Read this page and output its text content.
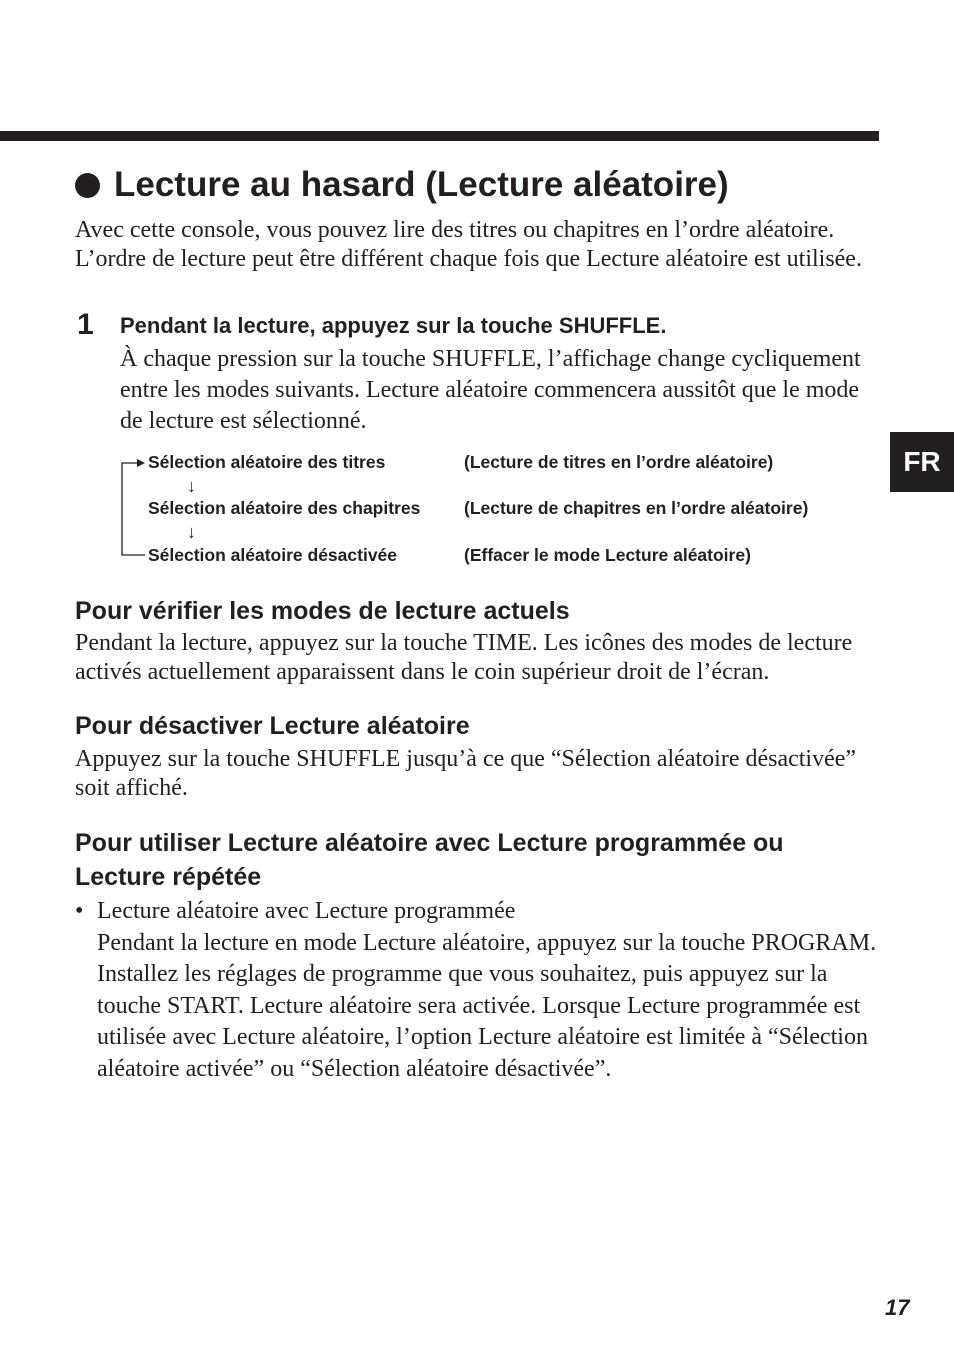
Lecture au hasard (Lecture aléatoire)
Avec cette console, vous pouvez lire des titres ou chapitres en l’ordre aléatoire. L’ordre de lecture peut être différent chaque fois que Lecture aléatoire est utilisée.
1 Pendant la lecture, appuyez sur la touche SHUFFLE.
À chaque pression sur la touche SHUFFLE, l’affichage change cycliquement entre les modes suivants. Lecture aléatoire commencera aussitôt que le mode de lecture est sélectionné.
Sélection aléatoire des titres	(Lecture de titres en l’ordre aléatoire)
↓
Sélection aléatoire des chapitres (Lecture de chapitres en l’ordre aléatoire)
↓
Sélection aléatoire désactivée	(Effacer le mode Lecture aléatoire)
Pour vérifier les modes de lecture actuels
Pendant la lecture, appuyez sur la touche TIME. Les icônes des modes de lecture activés actuellement apparaissent dans le coin supérieur droit de l’écran.
Pour désactiver Lecture aléatoire
Appuyez sur la touche SHUFFLE jusqu’à ce que “Sélection aléatoire désactivée” soit affiché.
Pour utiliser Lecture aléatoire avec Lecture programmée ou Lecture répétée
• Lecture aléatoire avec Lecture programmée
Pendant la lecture en mode Lecture aléatoire, appuyez sur la touche PROGRAM. Installez les réglages de programme que vous souhaitez, puis appuyez sur la touche START. Lecture aléatoire sera activée. Lorsque Lecture programmée est utilisée avec Lecture aléatoire, l’option Lecture aléatoire est limitée à “Sélection aléatoire activée” ou “Sélection aléatoire désactivée”.
FR
17
